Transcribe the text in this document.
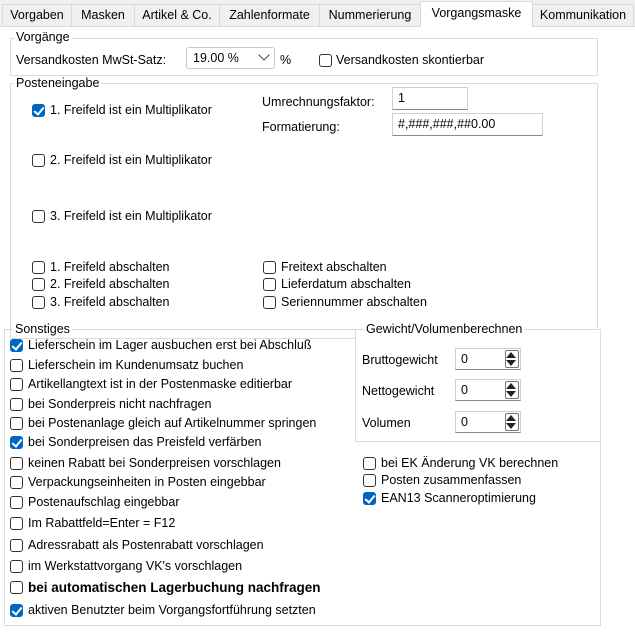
Vorgaben	Masken	Artikel & Co.	Zahlenformate	Nummerierung	Vorgangsmaske	Kommunikation
Vorgänge
Versandkosten MwSt-Satz:	19.00 %	%	Versandkosten skontierbar
Posteneingabe
1. Freifeld ist ein Multiplikator
Umrechnungsfaktor:	1
Formatierung:	#,###,###,##0.00
2. Freifeld ist ein Multiplikator
3. Freifeld ist ein Multiplikator
1. Freifeld abschalten
2. Freifeld abschalten
3. Freifeld abschalten
Freitext abschalten
Lieferdatum abschalten
Seriennummer abschalten
Sonstiges
Lieferschein im Lager ausbuchen erst bei Abschluß
Lieferschein im Kundenumsatz buchen
Artikellangtext ist in der Postenmaske editierbar
bei Sonderpreis nicht nachfragen
bei Postenanlage gleich auf Artikelnummer springen
bei Sonderpreisen das Preisfeld verfärben
keinen Rabatt bei Sonderpreisen vorschlagen
Verpackungseinheiten in Posten eingebbar
Postenaufschlag eingebbar
Im Rabattfeld=Enter = F12
Adressrabatt als Postenrabatt vorschlagen
im Werkstattvorgang VK's vorschlagen
bei automatischen Lagerbuchung nachfragen
aktiven Benutzter beim Vorgangsfortführung setzten
Gewicht/Volumenberechnen
Bruttogewicht 0
Nettogewicht 0
Volumen	0
bei EK Änderung VK berechnen
Posten zusammenfassen
EAN13 Scanneroptimierung
